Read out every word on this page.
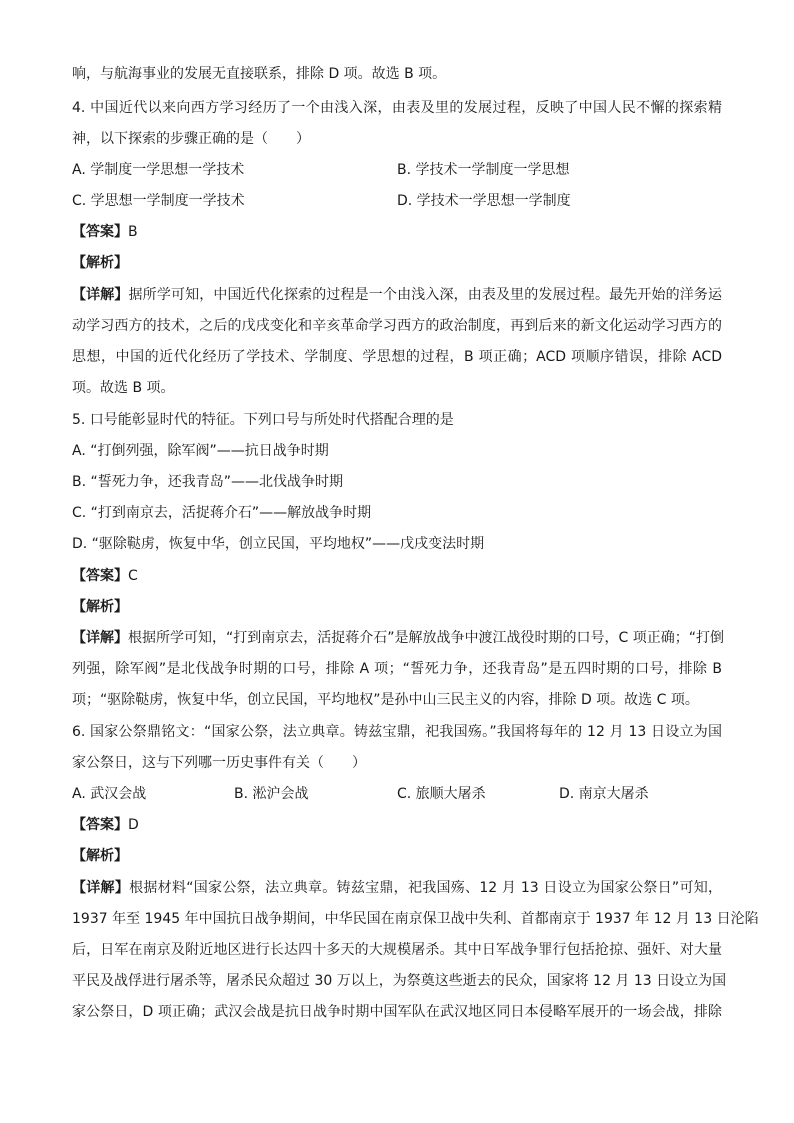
响，与航海事业的发展无直接联系，排除 D 项。故选 B 项。
4. 中国近代以来向西方学习经历了一个由浅入深，由表及里的发展过程，反映了中国人民不懈的探索精
神，以下探索的步骤正确的是（　　）
A. 学制度一学思想一学技术	B. 学技术一学制度一学思想
C. 学思想一学制度一学技术	D. 学技术一学思想一学制度
【答案】B
【解析】
【详解】据所学可知，中国近代化探索的过程是一个由浅入深，由表及里的发展过程。最先开始的洋务运
动学习西方的技术，之后的戊戌变化和辛亥革命学习西方的政治制度，再到后来的新文化运动学习西方的
思想，中国的近代化经历了学技术、学制度、学思想的过程，B 项正确；ACD 项顺序错误，排除 ACD
项。故选 B 项。
5. 口号能彰显时代的特征。下列口号与所处时代搭配合理的是
A. “打倒列强，除军阀”——抗日战争时期
B. “誓死力争，还我青岛”——北伐战争时期
C. “打到南京去，活捉蒋介石”——解放战争时期
D. “驱除鞑虏，恢复中华，创立民国，平均地权”——戊戌变法时期
【答案】C
【解析】
【详解】根据所学可知，“打到南京去，活捉蒋介石”是解放战争中渡江战役时期的口号，C 项正确；“打倒
列强，除军阀”是北伐战争时期的口号，排除 A 项；“誓死力争，还我青岛”是五四时期的口号，排除 B
项；“驱除鞑虏，恢复中华，创立民国，平均地权”是孙中山三民主义的内容，排除 D 项。故选 C 项。
6. 国家公祭鼎铭文：“国家公祭，法立典章。铸兹宝鼎，祀我国殇。”我国将每年的 12 月 13 日设立为国
家公祭日，这与下列哪一历史事件有关（　　）
A. 武汉会战	B. 淞沪会战	C. 旅顺大屠杀	D. 南京大屠杀
【答案】D
【解析】
【详解】根据材料“国家公祭，法立典章。铸兹宝鼎，祀我国殇、12 月 13 日设立为国家公祭日”可知，
1937 年至 1945 年中国抗日战争期间，中华民国在南京保卫战中失利、首都南京于 1937 年 12 月 13 日沦陷
后，日军在南京及附近地区进行长达四十多天的大规模屠杀。其中日军战争罪行包括抢掠、强奸、对大量
平民及战俘进行屠杀等，屠杀民众超过 30 万以上，为祭奠这些逝去的民众，国家将 12 月 13 日设立为国
家公祭日，D 项正确；武汉会战是抗日战争时期中国军队在武汉地区同日本侵略军展开的一场会战，排除
